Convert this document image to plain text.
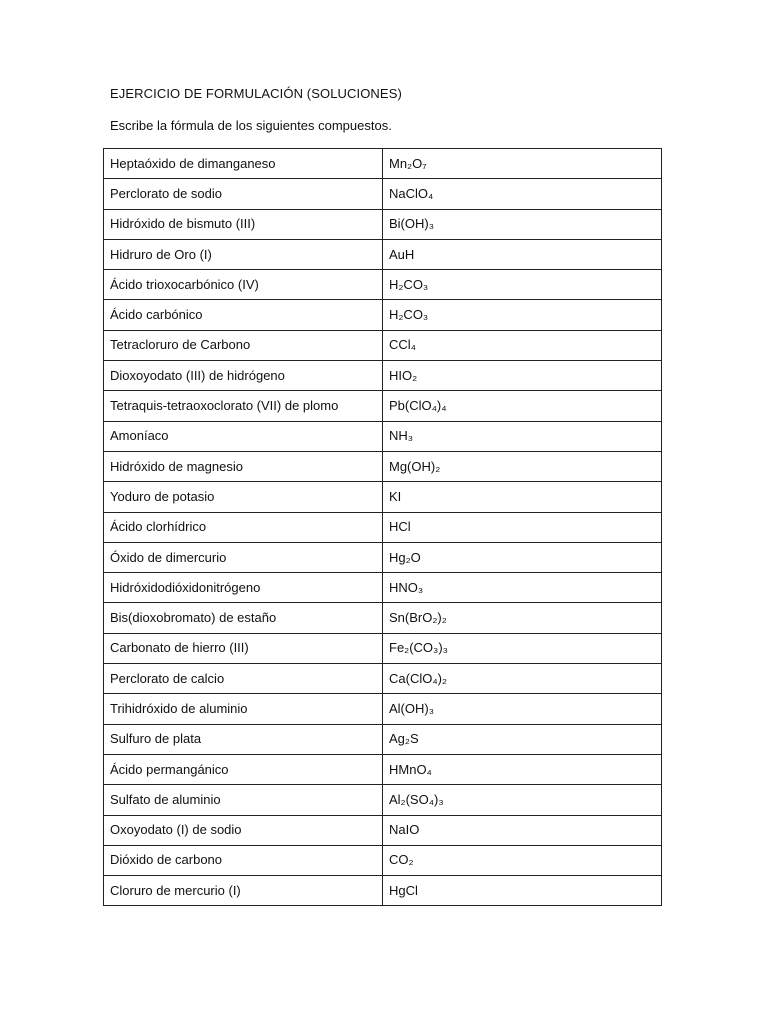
EJERCICIO DE FORMULACIÓN (SOLUCIONES)
Escribe la fórmula de los siguientes compuestos.
Heptaóxido de dimanganeso	Mn₂O₇
Perclorato de sodio	NaClO₄
Hidróxido de bismuto (III)	Bi(OH)₃
Hidruro de Oro (I)	AuH
Ácido trioxocarbónico (IV)	H₂CO₃
Ácido carbónico	H₂CO₃
Tetracloruro de Carbono	CCl₄
Dioxoyodato (III) de hidrógeno	HIO₂
Tetraquis-tetraoxoclorato (VII) de plomo	Pb(ClO₄)₄
Amoníaco	NH₃
Hidróxido de magnesio	Mg(OH)₂
Yoduro de potasio	KI
Ácido clorhídrico	HCl
Óxido de dimercurio	Hg₂O
Hidróxidodióxidonitrógeno	HNO₃
Bis(dioxobromato) de estaño	Sn(BrO₂)₂
Carbonato de hierro (III)	Fe₂(CO₃)₃
Perclorato de calcio	Ca(ClO₄)₂
Trihidróxido de aluminio	Al(OH)₃
Sulfuro de plata	Ag₂S
Ácido permangánico	HMnO₄
Sulfato de aluminio	Al₂(SO₄)₃
Oxoyodato (I) de sodio	NaIO
Dióxido de carbono	CO₂
Cloruro de mercurio (I)	HgCl
